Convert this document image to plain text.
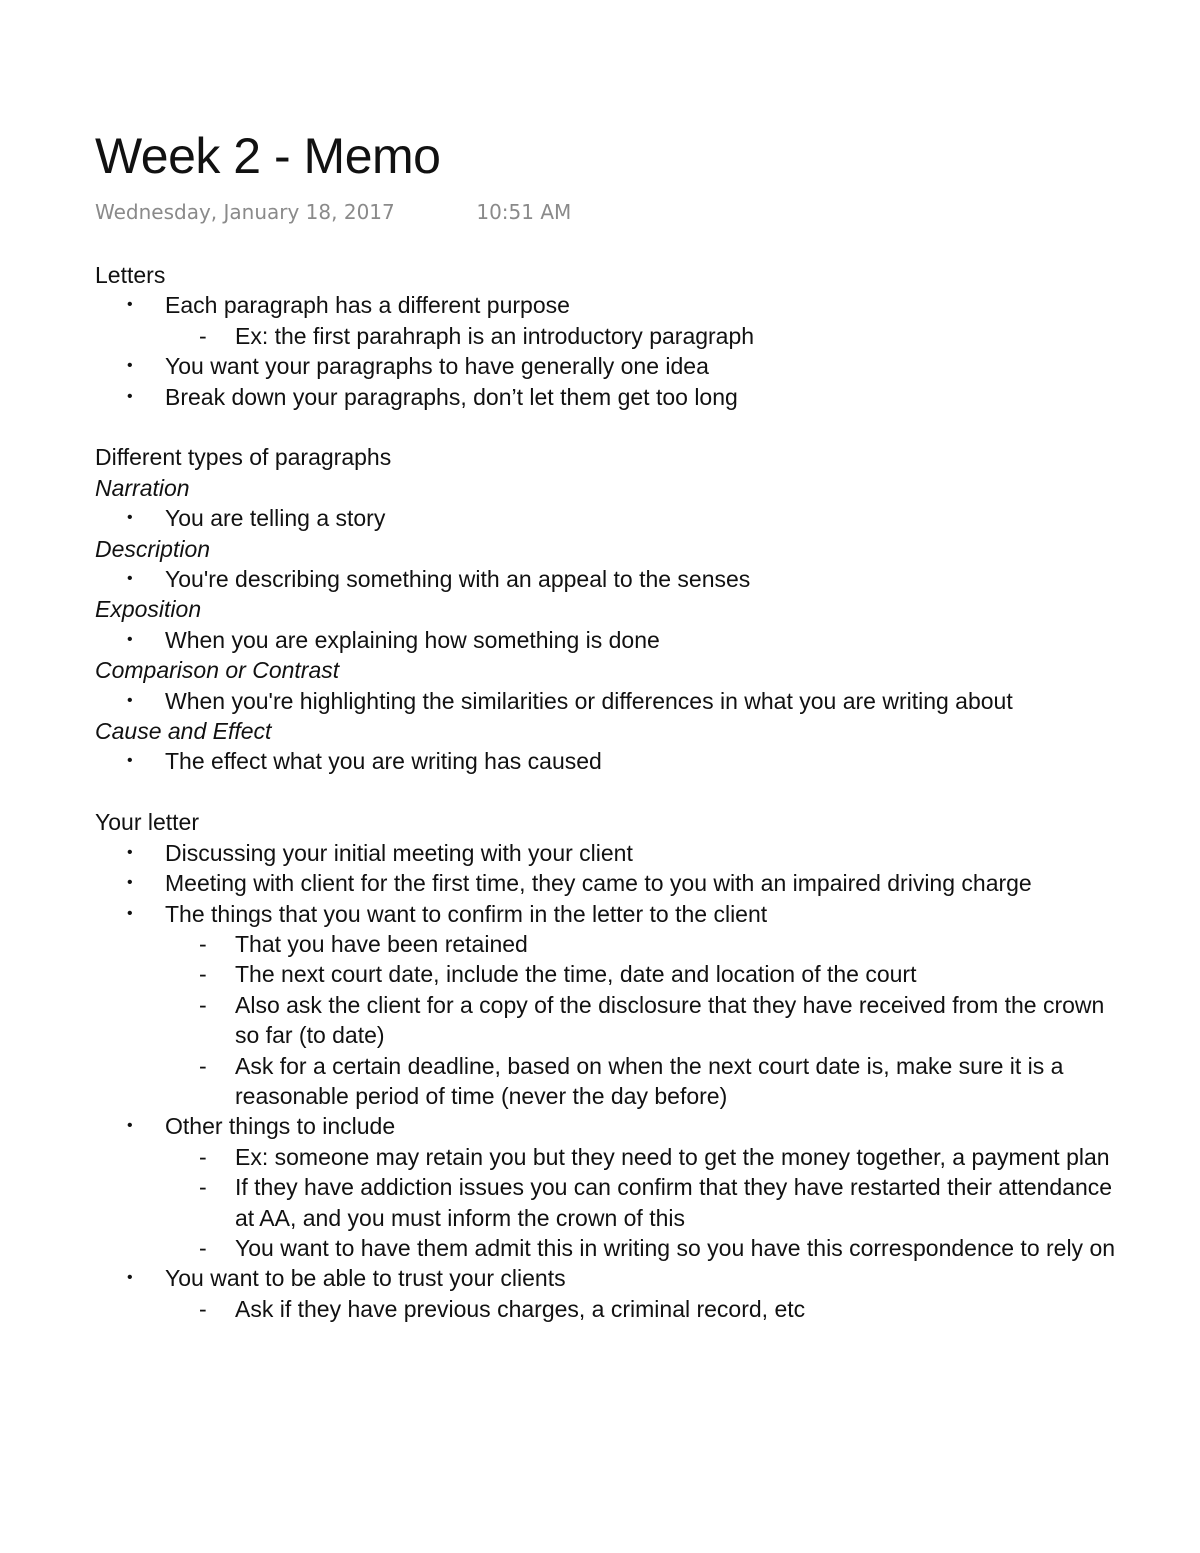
Week 2 - Memo
Wednesday, January 18, 2017	10:51 AM

Letters

• Each paragraph has a different purpose
- Ex: the first parahraph is an introductory paragraph
• You want your paragraphs to have generally one idea
• Break down your paragraphs, don’t let them get too long

Different types of paragraphs

Narration

• You are telling a story

Description

• You're describing something with an appeal to the senses

Exposition

• When you are explaining how something is done

Comparison or Contrast

• When you're highlighting the similarities or differences in what you are writing about

Cause and Effect

• The effect what you are writing has caused

Your letter

• Discussing your initial meeting with your client
• Meeting with client for the first time, they came to you with an impaired driving charge
• The things that you want to confirm in the letter to the client
- That you have been retained
- The next court date, include the time, date and location of the court
- Also ask the client for a copy of the disclosure that they have received from the crown so far (to date)
- Ask for a certain deadline, based on when the next court date is, make sure it is a reasonable period of time (never the day before)
• Other things to include
- Ex: someone may retain you but they need to get the money together, a payment plan
- If they have addiction issues you can confirm that they have restarted their attendance at AA, and you must inform the crown of this
- You want to have them admit this in writing so you have this correspondence to rely on
• You want to be able to trust your clients
- Ask if they have previous charges, a criminal record, etc
